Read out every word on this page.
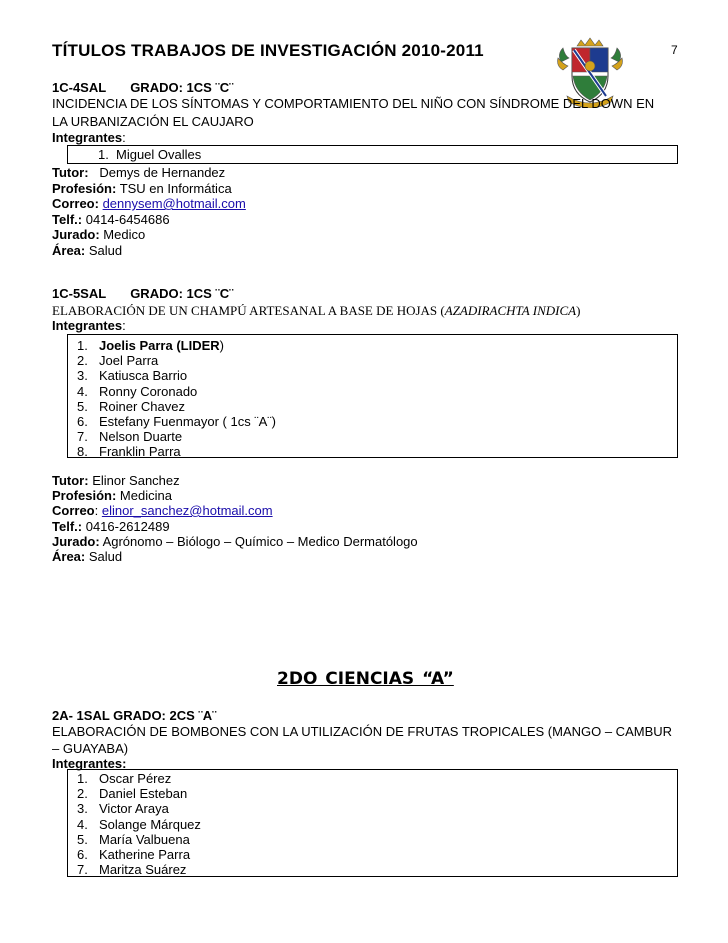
TÍTULOS TRABAJOS DE INVESTIGACIÓN 2010-2011	7
1C-4SAL GRADO: 1CS ¨C¨
INCIDENCIA DE LOS SÍNTOMAS Y COMPORTAMIENTO DEL NIÑO CON SÍNDROME DEL DOWN EN
LA URBANIZACIÓN EL CAUJARO
Integrantes:
1. Miguel Ovalles
Tutor: Demys de Hernandez
Profesión: TSU en Informática
Correo: dennysem@hotmail.com
Telf.: 0414-6454686
Jurado: Medico
Área: Salud
1C-5SAL GRADO: 1CS ¨C¨
ELABORACIÓN DE UN CHAMPÚ ARTESANAL A BASE DE HOJAS (AZADIRACHTA INDICA)
Integrantes:
1. Joelis Parra (LIDER)
2. Joel Parra
3. Katiusca Barrio
4. Ronny Coronado
5. Roiner Chavez
6. Estefany Fuenmayor ( 1cs ¨A¨)
7. Nelson Duarte
8. Franklin Parra
Tutor: Elinor Sanchez
Profesión: Medicina
Correo: elinor_sanchez@hotmail.com
Telf.: 0416-2612489
Jurado: Agrónomo – Biólogo – Químico – Medico Dermatólogo
Área: Salud
2DO CIENCIAS “A”
2A- 1SAL GRADO: 2CS ¨A¨
ELABORACIÓN DE BOMBONES CON LA UTILIZACIÓN DE FRUTAS TROPICALES (MANGO – CAMBUR
– GUAYABA)
Integrantes:
1. Oscar Pérez
2. Daniel Esteban
3. Victor Araya
4. Solange Márquez
5. María Valbuena
6. Katherine Parra
7. Maritza Suárez
